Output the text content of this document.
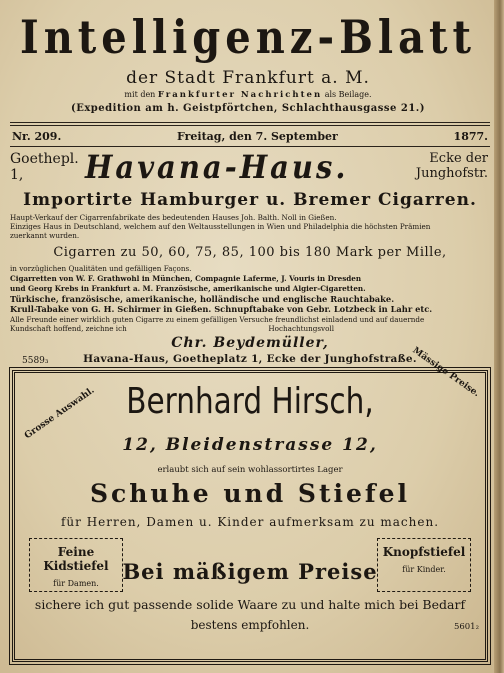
Intelligenz-Blatt
der Stadt Frankfurt a. M.
mit den Frankfurter Nachrichten als Beilage.
(Expedition am h. Geistpförtchen, Schlachthausgasse 21.)
Nr. 209.	Freitag, den 7. September	1877.
Goethepl.
1,	Havana-Haus.	Ecke der
Junghofstr.
Importirte Hamburger u. Bremer Cigarren.
Haupt-Verkauf der Cigarrenfabrikate des bedeutenden Hauses Joh. Balth. Noll in Gießen.
Einziges Haus in Deutschland, welchem auf den Weltausstellungen in Wien und Philadelphia die höchsten Prämien
zuerkannt wurden.
Cigarren zu 50, 60, 75, 85, 100 bis 180 Mark per Mille,
in vorzüglichen Qualitäten und gefälligen Façons.
Cigarretten von W. F. Grathwohl in München, Compagnie Laferme, J. Vouris in Dresden
und Georg Krebs in Frankfurt a. M. Französische, amerikanische und Algier-Cigaretten.
Türkische, französische, amerikanische, holländische und englische Rauchtabake.
Krull-Tabake von G. H. Schirmer in Gießen. Schnupftabake von Gebr. Lotzbeck in Lahr etc.
Alle Freunde einer wirklich guten Cigarre zu einem gefälligen Versuche freundlichst einladend und auf dauernde
Kundschaft hoffend, zeichne ich                                                              Hochachtungsvoll
Chr. Beydemüller,
5589₃	Havana-Haus, Goetheplatz 1, Ecke der Junghofstraße.
Grosse Auswahl.
Mässige Preise.
Bernhard Hirsch,
12, Bleidenstrasse 12,
erlaubt sich auf sein wohlassortirtes Lager
Schuhe und Stiefel
für Herren, Damen u. Kinder aufmerksam zu machen.
Feine Kidstiefel
für Damen.
Knopfstiefel
für Kinder.
Bei mäßigem Preise
sichere ich gut passende solide Waare zu und halte mich bei Bedarf
bestens empfohlen.	5601₂
